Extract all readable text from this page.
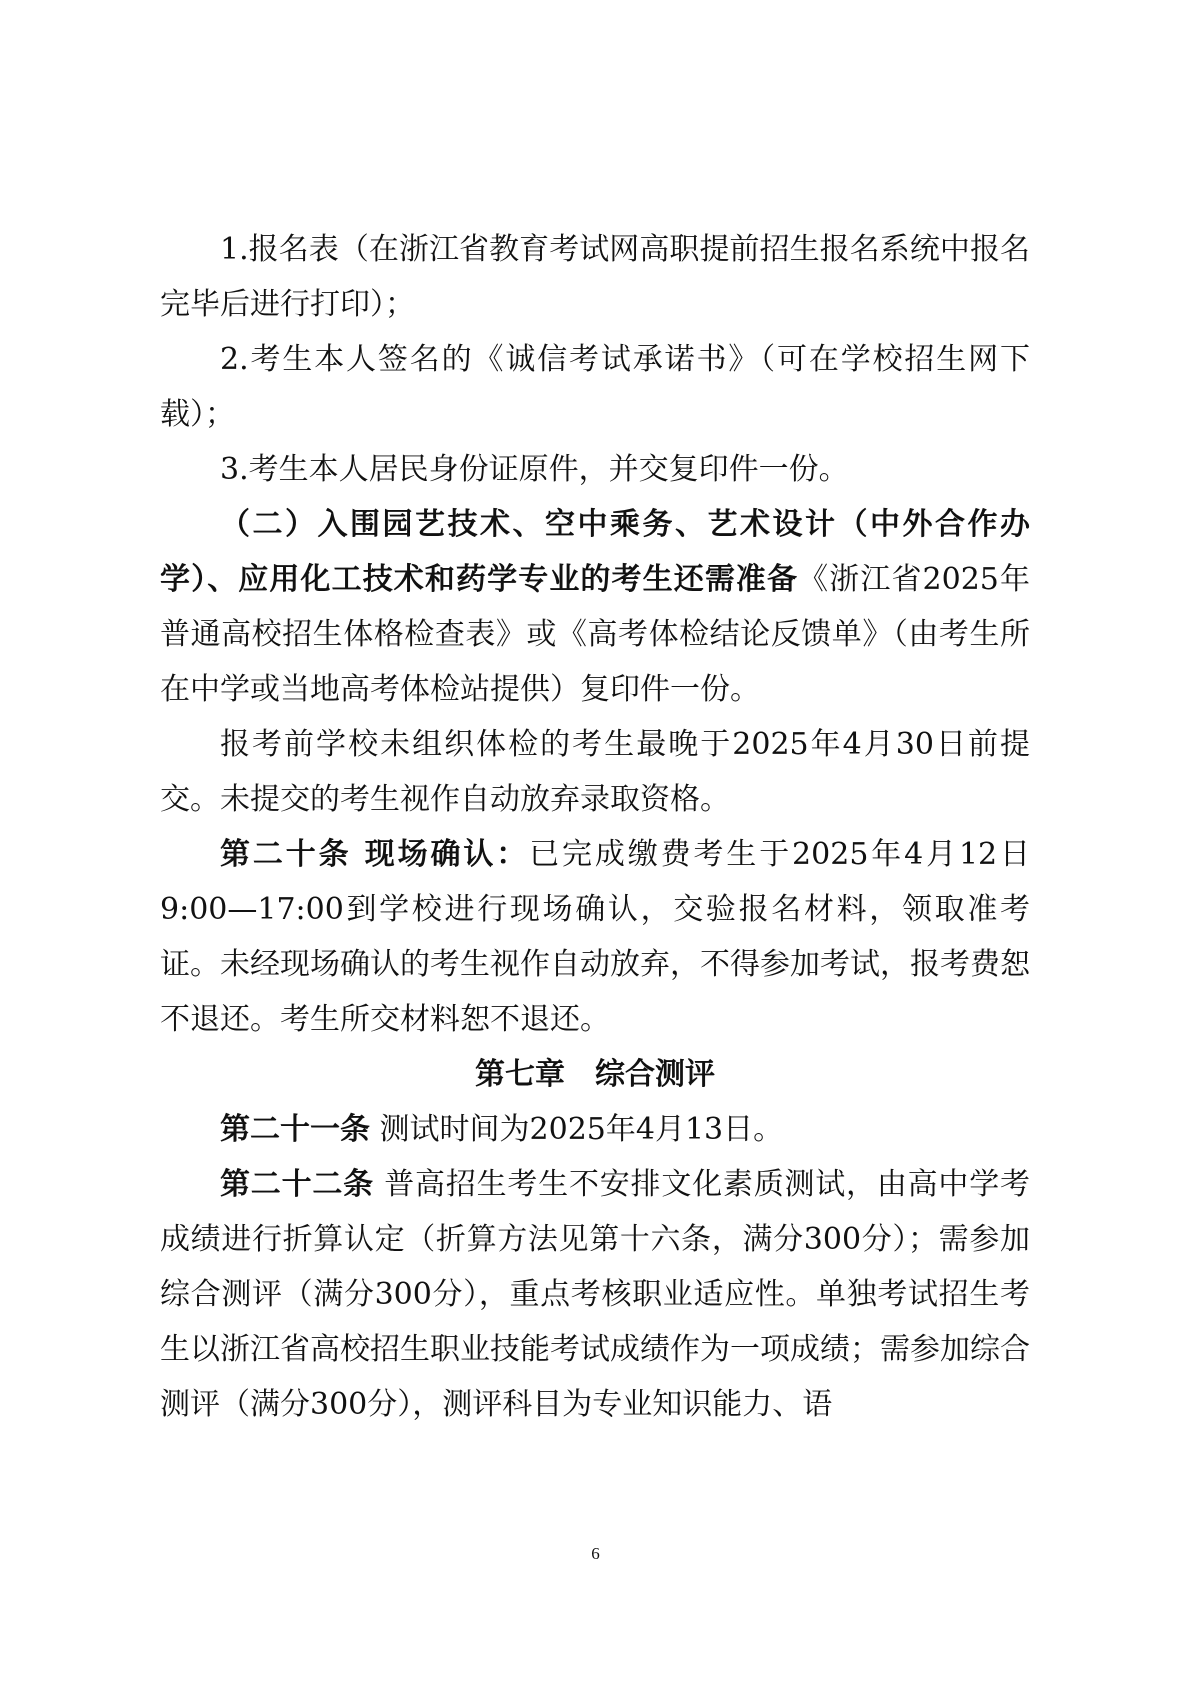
1.报名表（在浙江省教育考试网高职提前招生报名系统中报名完毕后进行打印）；

2.考生本人签名的《诚信考试承诺书》（可在学校招生网下载）；

3.考生本人居民身份证原件，并交复印件一份。

（二）入围园艺技术、空中乘务、艺术设计（中外合作办学）、应用化工技术和药学专业的考生还需准备《浙江省2025年普通高校招生体格检查表》或《高考体检结论反馈单》（由考生所在中学或当地高考体检站提供）复印件一份。

报考前学校未组织体检的考生最晚于2025年4月30日前提交。未提交的考生视作自动放弃录取资格。

第二十条 现场确认：已完成缴费考生于2025年4月12日9:00—17:00到学校进行现场确认，交验报名材料，领取准考证。未经现场确认的考生视作自动放弃，不得参加考试，报考费恕不退还。考生所交材料恕不退还。

第七章 综合测评

第二十一条 测试时间为2025年4月13日。

第二十二条 普高招生考生不安排文化素质测试，由高中学考成绩进行折算认定（折算方法见第十六条，满分300分）；需参加综合测评（满分300分），重点考核职业适应性。单独考试招生考生以浙江省高校招生职业技能考试成绩作为一项成绩；需参加综合测评（满分300分），测评科目为专业知识能力、语

6
